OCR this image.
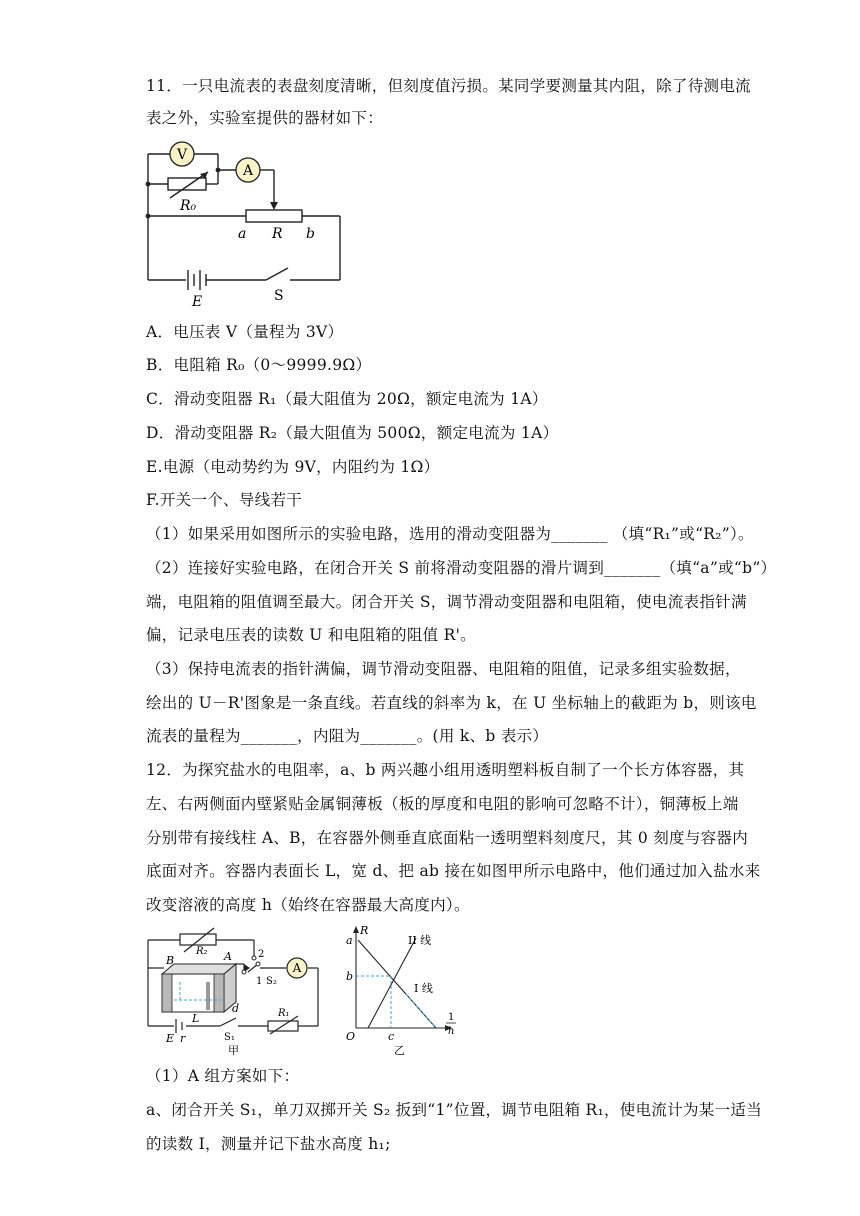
11．一只电流表的表盘刻度清晰，但刻度值污损。某同学要测量其内阻，除了待测电流
表之外，实验室提供的器材如下：
V
A
R₀
a R b
E	S
A．电压表 V（量程为 3V）
B．电阻箱 R₀（0～9999.9Ω）
C．滑动变阻器 R₁（最大阻值为 20Ω，额定电流为 1A）
D．滑动变阻器 R₂（最大阻值为 500Ω，额定电流为 1A）
E.电源（电动势约为 9V，内阻约为 1Ω）
F.开关一个、导线若干
（1）如果采用如图所示的实验电路，选用的滑动变阻器为_______ （填“R₁”或“R₂”）。
（2）连接好实验电路，在闭合开关 S 前将滑动变阻器的滑片调到_______（填“a”或“b”）
端，电阻箱的阻值调至最大。闭合开关 S，调节滑动变阻器和电阻箱，使电流表指针满
偏，记录电压表的读数 U 和电阻箱的阻值 R'。
（3）保持电流表的指针满偏，调节滑动变阻器、电阻箱的阻值，记录多组实验数据，
绘出的 U－R'图象是一条直线。若直线的斜率为 k，在 U 坐标轴上的截距为 b，则该电
流表的量程为_______，内阻为_______。(用 k、b 表示）
12．为探究盐水的电阻率，a、b 两兴趣小组用透明塑料板自制了一个长方体容器，其
左、右两侧面内壁紧贴金属铜薄板（板的厚度和电阻的影响可忽略不计），铜薄板上端
分别带有接线柱 A、B，在容器外侧垂直底面粘一透明塑料刻度尺，其 0 刻度与容器内
底面对齐。容器内表面长 L，宽 d、把 ab 接在如图甲所示电路中，他们通过加入盐水来
改变溶液的高度 h（始终在容器最大高度内）。
A
R₂
B	A	2
1 S₂
L
d
E r	S₁
R₁
甲
R
a
b
O	c
II 线
I 线
1
h
乙
（1）A 组方案如下：
a、闭合开关 S₁，单刀双掷开关 S₂ 扳到“1”位置，调节电阻箱 R₁，使电流计为某一适当
的读数 I，测量并记下盐水高度 h₁;
